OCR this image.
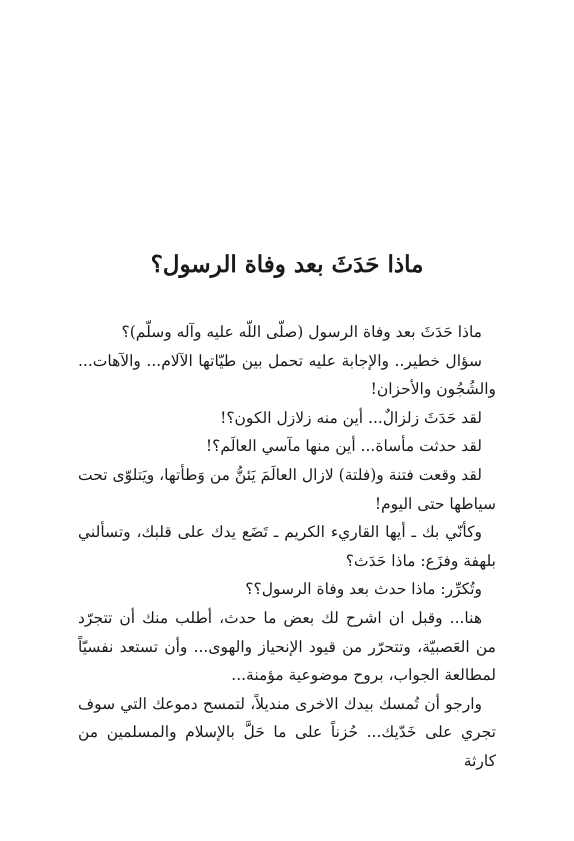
ماذا حَدَثَ بعد وفاة الرسول؟

ماذا حَدَثَ بعد وفاة الرسول (صلّى اللّه عليه وآله وسلّم)؟

سؤال خطير.. والإجابة عليه تحمل بين طيّاتها الآلام... والآهات... والشُجُون والأحزان!

لقد حَدَثَ زلزالٌ... أين منه زلازل الكون؟!

لقد حدثت مأساة... أين منها مآسي العالَم؟!

لقد وقعت فتنة و(فلتة) لازال العالَمَ يَئنُّ من وَطأتها، ويَتلوّى تحت سياطها حتى اليوم!

وكأنّي بك ـ أيها القاريء الكريم ـ تَضَع يدك على قلبك، وتسألني بلهفة وفزَع: ماذا حَدَث؟

وتُكرِّر: ماذا حدث بعد وفاة الرسول؟؟

هنا... وقبل ان اشرح لك بعض ما حدث، أطلب منك أن تتجرّد من العَصبيّة، وتتحرّر من قيود الإنحياز والهوى... وأن تستعد نفسيّاً لمطالعة الجواب، بروح موضوعية مؤمنة...

وارجو أن تُمسك بيدك الاخرى منديلاً، لتمسح دموعك التي سوف تجري على خَدّيك... حُزناً على ما حَلَّ بالإسلام والمسلمين من كارثة
